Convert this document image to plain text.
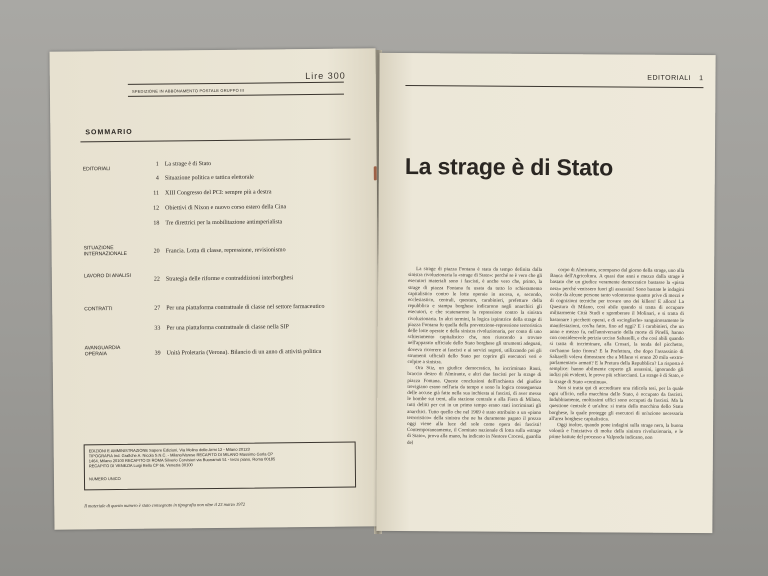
Lire 300
SPEDIZIONE IN ABBONAMENTO POSTALE GRUPPO III
SOMMARIO
EDITORIALI
1 La strage è di Stato
4 Situazione politica e tattica elettorale
11 XIII Congresso del PCI: sempre più a destra
12 Obiettivi di Nixon e nuovo corso estero della Cina
18 Tre direttrici per la mobilitazione antimperialista
SITUAZIONE INTERNAZIONALE	20 Francia. Lotta di classe, repressione, revisionismo
LAVORO DI ANALISI
22 Strategia delle riforme e contraddizioni interborghesi
CONTRATTI	27 Per una piattaforma contrattuale di classe nel settore farmaceutico
33 Per una piattaforma contrattuale di classe nella SIP
AVANGUARDIA OPERAIA	39 Unità Proletaria (Verona). Bilancio di un anno di attività politica
EDIZIONI E AMMINISTRAZIONE Sapere Edizioni, Via Molino delle Armi 12 - Milano 20123
TIPOGRAFIA Ind. Grafiche A. Nicola S.N.C. - Milano/Varese RECAPITO DI MILANO Massimo Gorla CP
1464, Milano 20100 RECAPITO DI ROMA Silverio Corvisieri via Buonarroti 51 - terzo piano, Roma 00185
RECAPITO DI VENEZIA Luigi Bello CP 66, Venezia 30100
NUMERO UNICO
Il materiale di questo numero è stato consegnato in tipografia non oltre il 23 marzo 1972
EDITORIALI 1
La strage è di Stato

La strage di piazza Fontana è stata da tempo definita dalla sinistra rivoluzionaria la «strage di Stato»: perché se è vero che gli esecutori materiali sono i fascisti, è anche vero che, primo, la strage di piazza Fontana fu usata da tutto lo schieramento capitalistico contro le lotte operaie in ascesa, e, secondo, ecclesiastico, centrali, questure, carabinieri, prefetture della repubblica e stampa borghese indicarono negli anarchici gli esecutori, e che scatenarono la repressione contro la sinistra rivoluzionaria. In altri termini, la logica ispiratrice della strage di piazza Fontana fu quella della prevenzione-repressione terroristica delle lotte operaie e della sinistra rivoluzionaria, per conto di uno schieramento capitalistico che, non riuscendo a trovare nell'apparato ufficiale dello Stato borghese gli strumenti adeguati, doveva ricorrere ai fascisti e ai servizi segreti, utilizzando poi gli strumenti ufficiali dello Stato per coprire gli esecutori veri e colpire a sinistra.

Ora Stiz, un giudice democratico, ha incriminato Rauti, braccio destro di Almirante, e altri due fascisti per la strage di piazza Fontana. Queste conclusioni dell'inchiesta del giudice trevigiano erano nell'aria da tempo e sono la logica conseguenza delle accuse già fatte nella sua inchiesta ai fascisti, di aver messo le bombe sui treni, alla stazione centrale e alla Fiera di Milano, tutti delitti per cui in un primo tempo erano stati incriminati gli anarchici. Tutto quello che nel 1969 è stato attribuito a un «piano terroristico» della sinistra che ne ha duramente pagato il prezzo oggi viene alla luce del sole come opera dei fascisti! Contemporaneamente, il Comitato nazionale di lotta sulla «strage di Stato», prova alla mano, ha indicato in Nestore Crocesi, guardia del

corpo di Almirante, scomparso dal giorno della strage, uno alla Banca dell'Agricoltura. A quasi due anni e mezzo dalla strage è bastato che un giudice veramente democratico bastasse la «pista nera» perché venissero fuori gli assassini! Sono bastate le indagini svolte da alcune persone tanto volonterose quanto prive di mezzi e di cognizioni tecniche per trovare uno dei killers! E allora! La Questura di Milano, così abile quando si tratta di occupare militarmente Città Studi e sgomberare il Molinari, e si tratta di bastonare i picchetti operai, e di «scioglierle» sanguinosamente le manifestazioni, cos'ha fatto, fino ad oggi? E i carabinieri, che un anno e mezzo fa, nell'anniversario della morte di Pinelli, hanno con considerevole perizia ucciso Saltarelli, e che così abili quando si tratta di incriminare, alla Crosari, la tenda del picchetto, cos'hanno fatto finora? E la Prefettura, che dopo l'assassinio di Saltarelli voleva dimostrare che a Milano vi erano 20 mila «extra-parlamentari» armati? E la Pretura della Repubblica? La risposta è semplice: hanno abilmente coperto gli assassini, ignorando gli indizi più evidenti, le prove più schiaccianti. La strage è di Stato, e la strage di Stato «continua».

Non si tratta qui di accreditare una ridicola tesi, per la quale ogni ufficio, nella macchina dello Stato, è occupato da fascisti. Indubbiamente, moltissimi uffici sono occupati da fascisti. Ma la questione centrale è un'altra: si tratta della macchina dello Stato borghese, la quale protegge gli esecutori di un'azione necessaria all'area borghese capitalistica.

Oggi inoltre, quando pone indagini sulla strage nera, la buona volontà e l'iniziativa di molte della sinistra rivoluzionaria, e le prime battute del processo a Valpreda indicano, non
